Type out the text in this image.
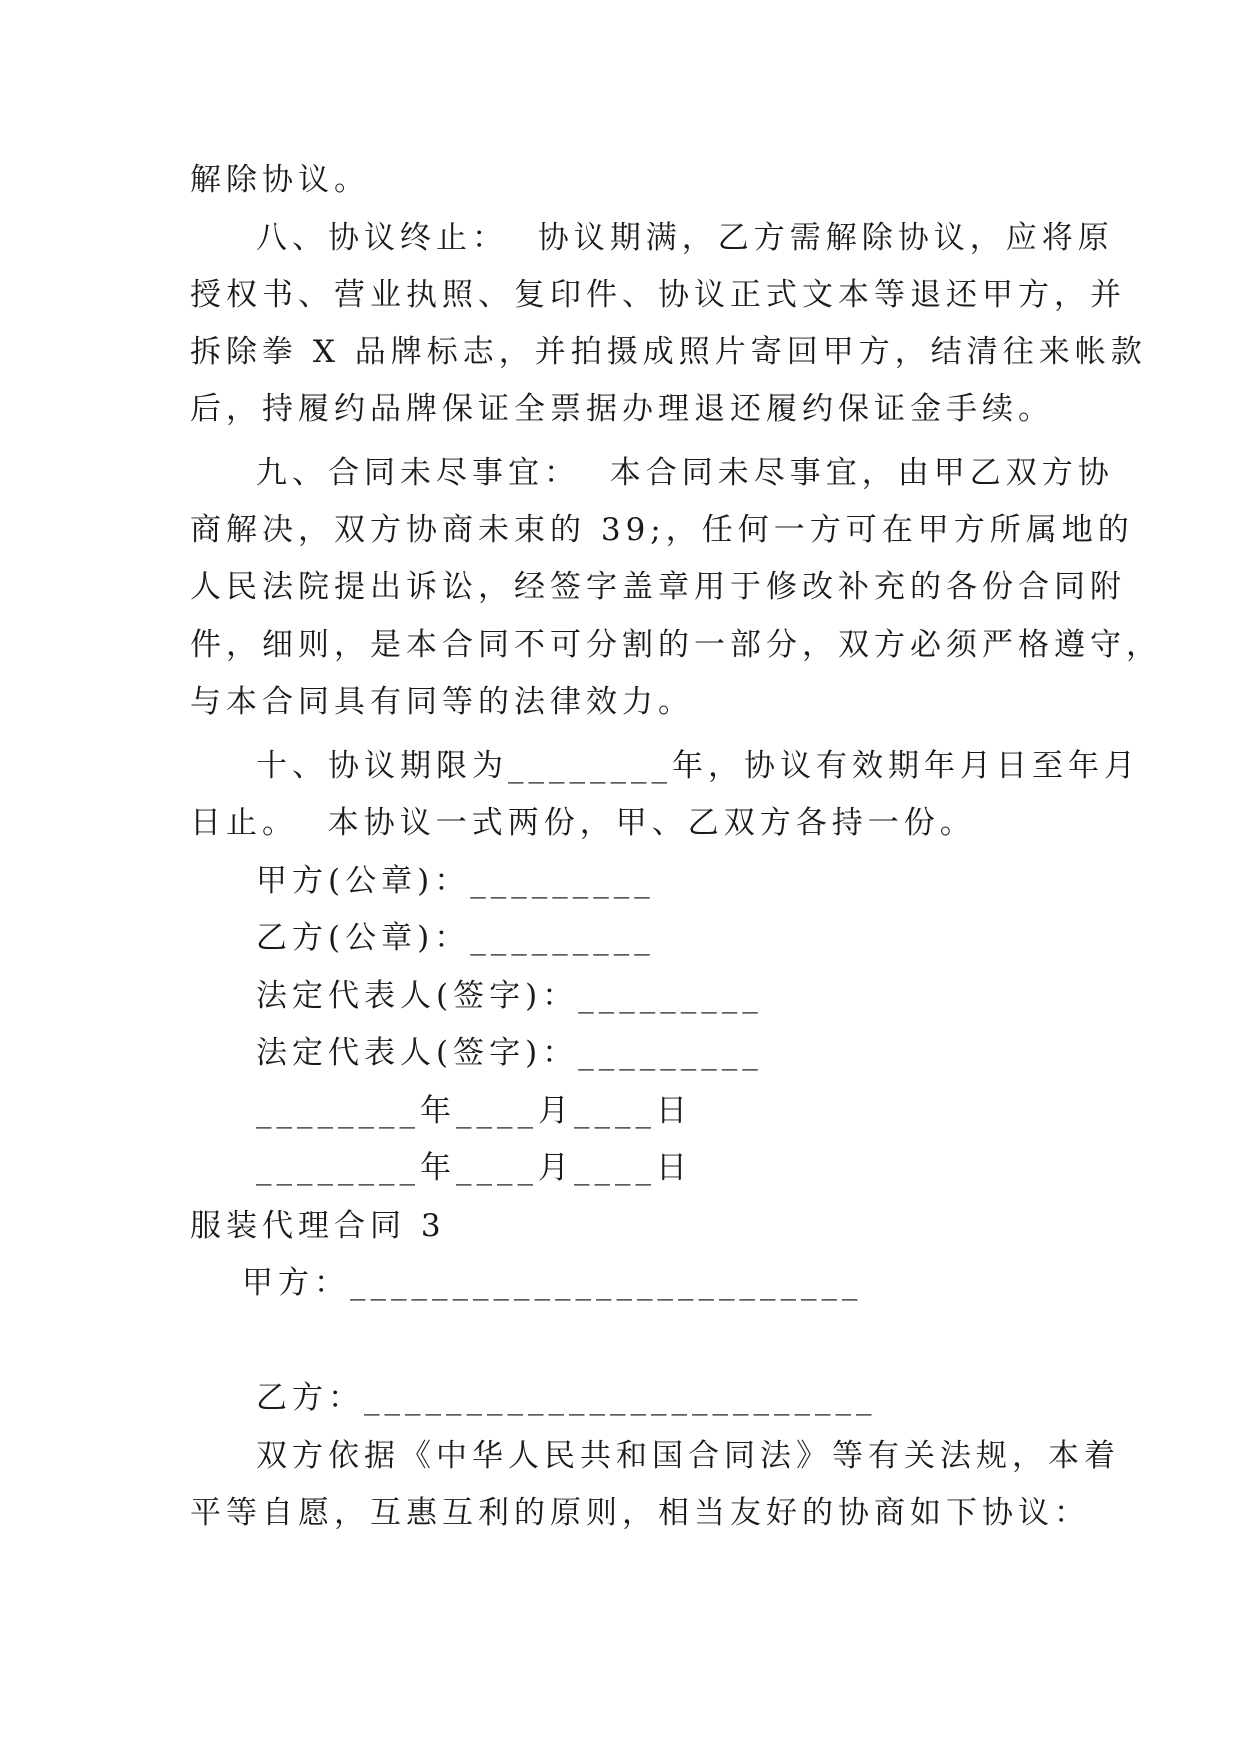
解除协议。
八、协议终止：  协议期满，乙方需解除协议，应将原
授权书、营业执照、复印件、协议正式文本等退还甲方，并
拆除拳 X 品牌标志，并拍摄成照片寄回甲方，结清往来帐款
后，持履约品牌保证全票据办理退还履约保证金手续。
九、合同未尽事宜：  本合同未尽事宜，由甲乙双方协
商解决，双方协商未束的 39;，任何一方可在甲方所属地的
人民法院提出诉讼，经签字盖章用于修改补充的各份合同附
件，细则，是本合同不可分割的一部分，双方必须严格遵守，
与本合同具有同等的法律效力。
十、协议期限为________年，协议有效期年月日至年月
日止。  本协议一式两份，甲、乙双方各持一份。
甲方(公章)：_________
乙方(公章)：_________
法定代表人(签字)：_________
法定代表人(签字)：_________
________年____月____日
________年____月____日
服装代理合同 3
甲方：_________________________
乙方：_________________________
双方依据《中华人民共和国合同法》等有关法规，本着
平等自愿，互惠互利的原则，相当友好的协商如下协议：
